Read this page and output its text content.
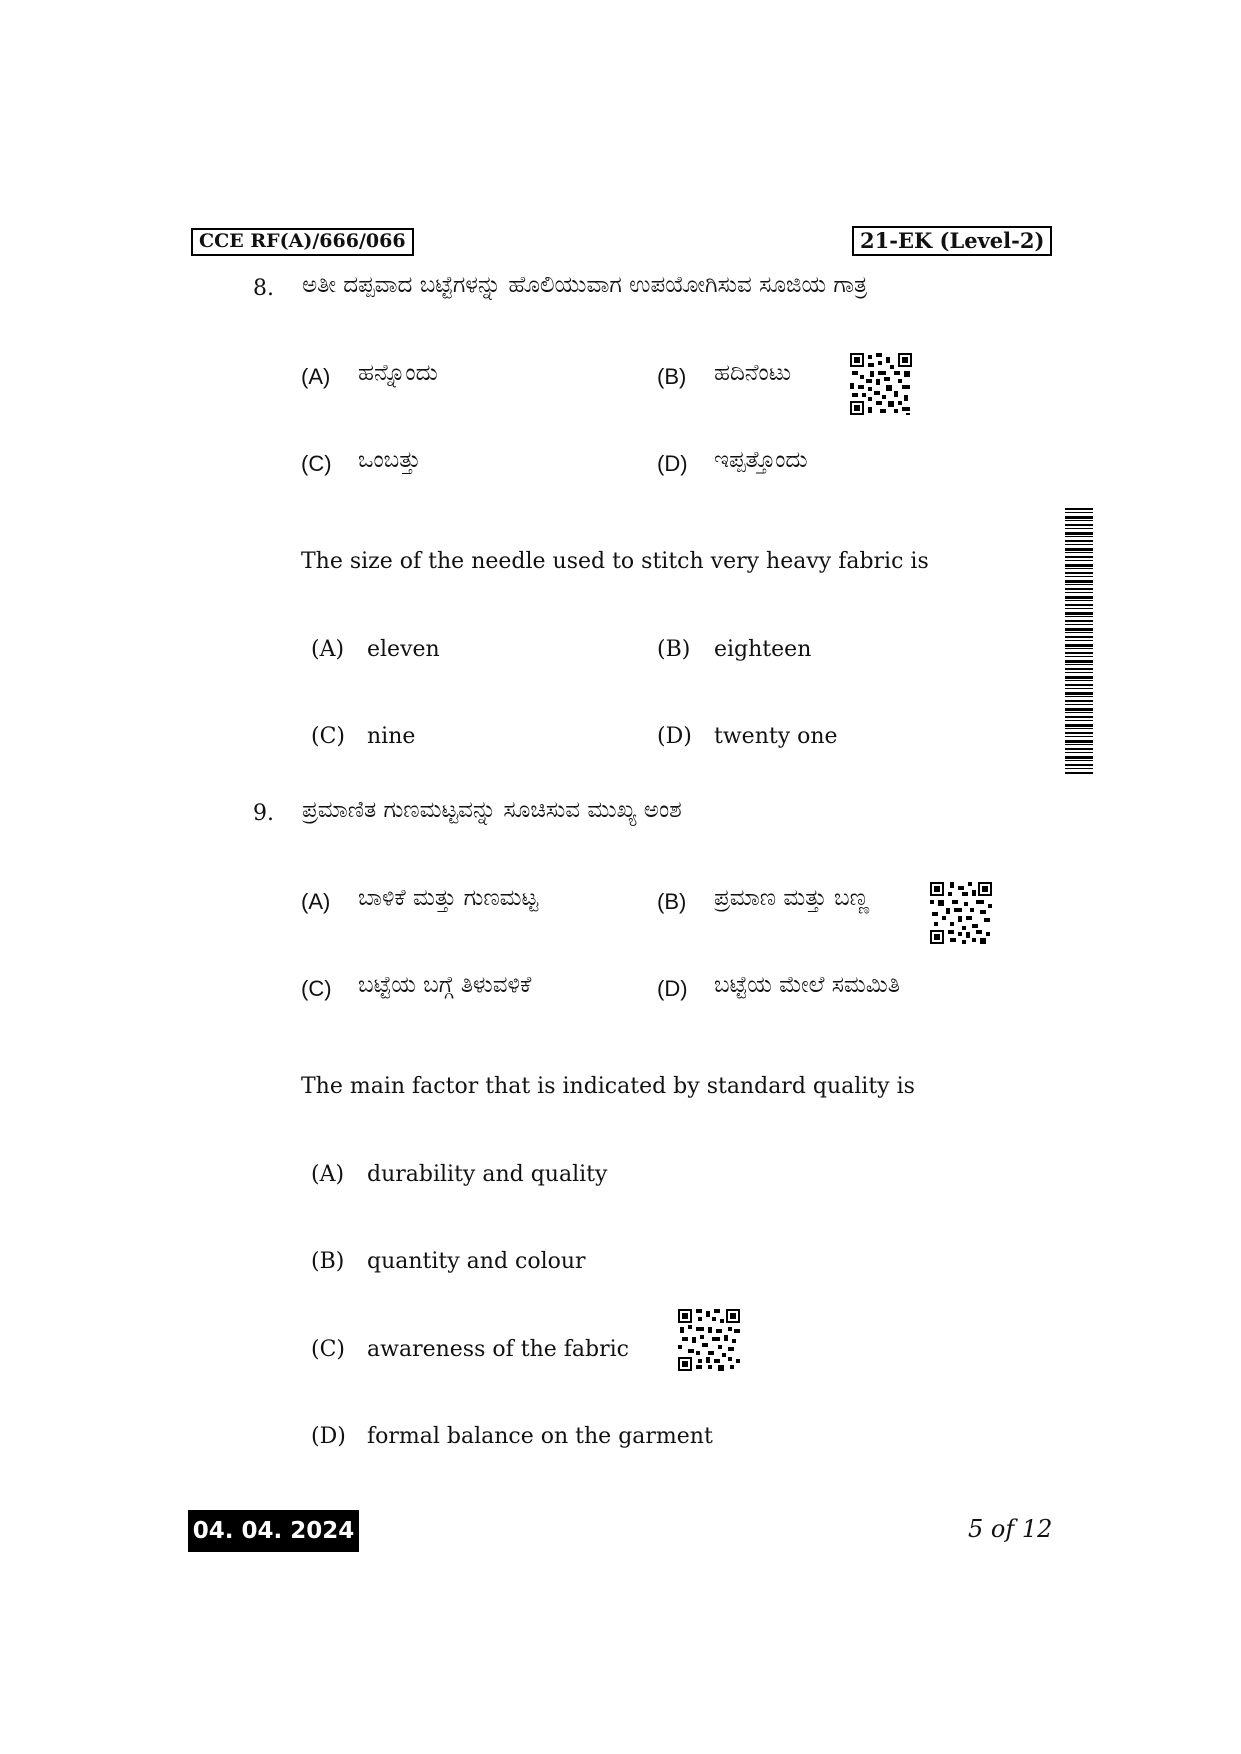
CCE RF(A)/666/066	21-EK (Level-2)
8. ಅತೀ ದಪ್ಪವಾದ ಬಟ್ಟೆಗಳನ್ನು ಹೊಲಿಯುವಾಗ ಉಪಯೋಗಿಸುವ ಸೂಜಿಯ ಗಾತ್ರ
(A) ಹನ್ನೊಂದು	(B) ಹದಿನೆಂಟು
(C) ಒಂಬತ್ತು	(D) ಇಪ್ಪತ್ತೊಂದು
The size of the needle used to stitch very heavy fabric is
(A) eleven	(B) eighteen
(C) nine	(D) twenty one
9. ಪ್ರಮಾಣಿತ ಗುಣಮಟ್ಟವನ್ನು ಸೂಚಿಸುವ ಮುಖ್ಯ ಅಂಶ
(A) ಬಾಳಿಕೆ ಮತ್ತು ಗುಣಮಟ್ಟ	(B) ಪ್ರಮಾಣ ಮತ್ತು ಬಣ್ಣ
(C) ಬಟ್ಟೆಯ ಬಗ್ಗೆ ತಿಳುವಳಿಕೆ	(D) ಬಟ್ಟೆಯ ಮೇಲೆ ಸಮಮಿತಿ
The main factor that is indicated by standard quality is
(A) durability and quality
(B) quantity and colour
(C) awareness of the fabric
(D) formal balance on the garment
04. 04. 2024	5 of 12
